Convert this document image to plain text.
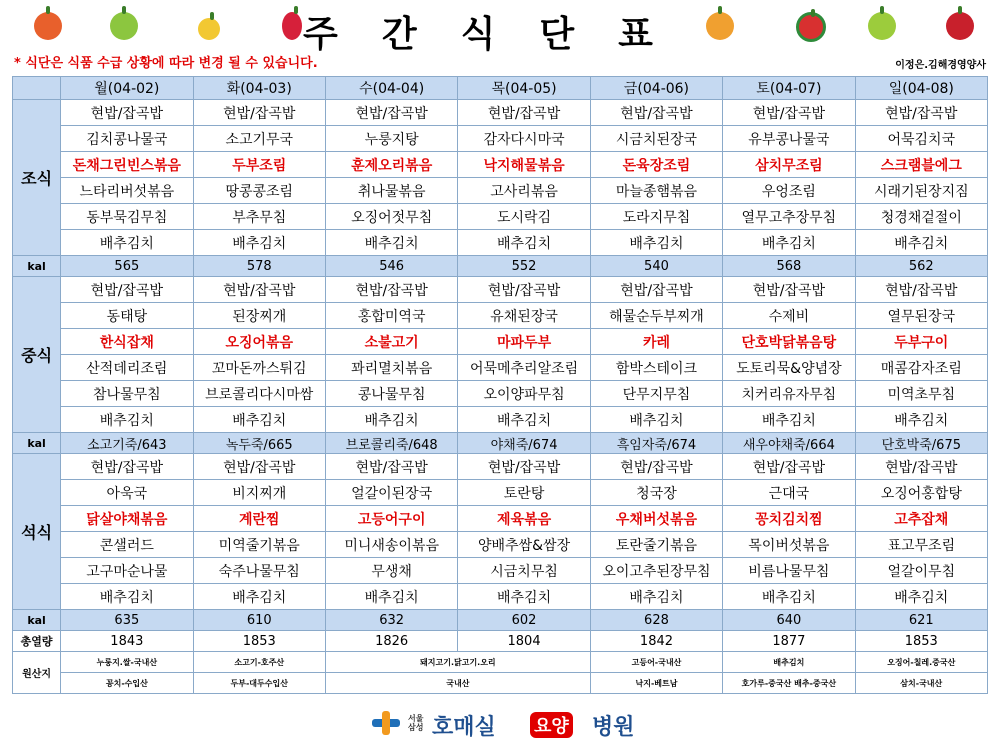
주간식단표
* 식단은 식품 수급 상황에 따라 변경 될 수 있습니다.	이정은.김해경영양사
	월(04-02)	화(04-03)	수(04-04)	목(04-05)	금(04-06)	토(04-07)	일(04-08)
조식	현밥/잡곡밥	현밥/잡곡밥	현밥/잡곡밥	현밥/잡곡밥	현밥/잡곡밥	현밥/잡곡밥	현밥/잡곡밥
	김치콩나물국	소고기무국	누룽지탕	감자다시마국	시금치된장국	유부콩나물국	어묵김치국
	돈채그린빈스볶음	두부조림	훈제오리볶음	낙지해물볶음	돈육장조림	삼치무조림	스크램블에그
	느타리버섯볶음	땅콩콩조림	취나물볶음	고사리볶음	마늘종햄볶음	우엉조림	시래기된장지짐
	동부묵김무침	부추무침	오징어젓무침	도시락김	도라지무침	열무고추장무침	청경채겉절이
	배추김치	배추김치	배추김치	배추김치	배추김치	배추김치	배추김치
kal	565	578	546	552	540	568	562
중식	현밥/잡곡밥	현밥/잡곡밥	현밥/잡곡밥	현밥/잡곡밥	현밥/잡곡밥	현밥/잡곡밥	현밥/잡곡밥
	동태탕	된장찌개	홍합미역국	유채된장국	해물순두부찌개	수제비	열무된장국
	한식잡채	오징어볶음	소불고기	마파두부	카레	단호박닭볶음탕	두부구이
	산적데리조림	꼬마돈까스튀김	꽈리멸치볶음	어묵메추리알조림	함박스테이크	도토리묵&양념장	매콤감자조림
	참나물무침	브로콜리다시마쌈	콩나물무침	오이양파무침	단무지무침	치커리유자무침	미역초무침
	배추김치	배추김치	배추김치	배추김치	배추김치	배추김치	배추김치
kal	소고기죽/643	녹두죽/665	브로콜리죽/648	야채죽/674	흑임자죽/674	새우야채죽/664	단호박죽/675
석식	현밥/잡곡밥	현밥/잡곡밥	현밥/잡곡밥	현밥/잡곡밥	현밥/잡곡밥	현밥/잡곡밥	현밥/잡곡밥
	아욱국	비지찌개	얼갈이된장국	토란탕	청국장	근대국	오징어홍합탕
	닭살야채볶음	계란찜	고등어구이	제육볶음	우채버섯볶음	꽁치김치찜	고추잡채
	콘샐러드	미역줄기볶음	미니새송이볶음	양배추쌈&쌈장	토란줄기볶음	목이버섯볶음	표고무조림
	고구마순나물	숙주나물무침	무생채	시금치무침	오이고추된장무침	비름나물무침	얼갈이무침
	배추김치	배추김치	배추김치	배추김치	배추김치	배추김치	배추김치
kal	635	610	632	602	628	640	621
총열량	1843	1853	1826	1804	1842	1877	1853
원산지	누룽지.쌀-국내산	소고기-호주산	돼지고기.닭고기.오리		고등어-국내산	배추김치	오징어-칠레.중국산
	꽁치-수입산	두부-대두수입산	국내산		낙지-베트남	호가루-중국산 배추-중국산	삼치-국내산
서울
삼성 호매실 요양 병원
